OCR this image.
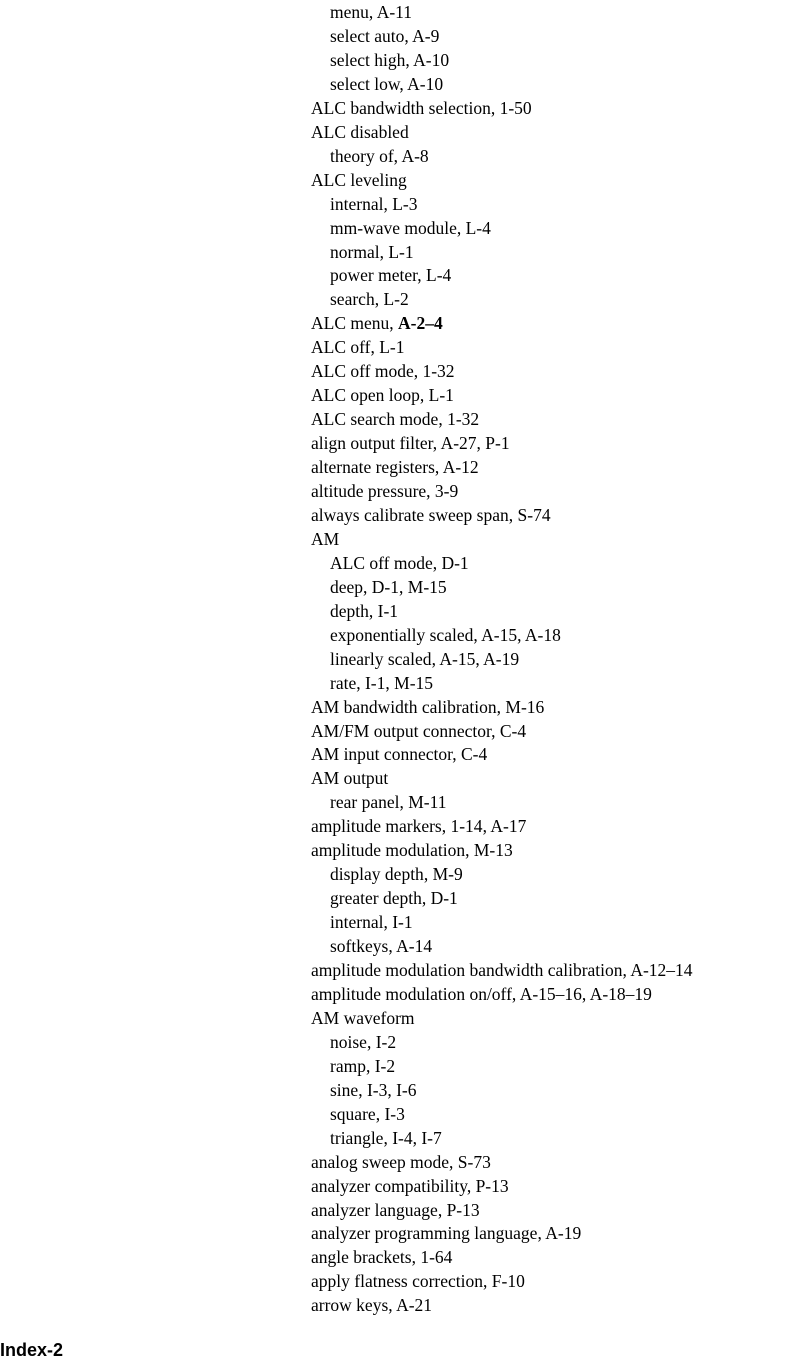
menu, A-11
select auto, A-9
select high, A-10
select low, A-10
ALC bandwidth selection, 1-50
ALC disabled
theory of, A-8
ALC leveling
internal, L-3
mm-wave module, L-4
normal, L-1
power meter, L-4
search, L-2
ALC menu, A-2–4
ALC off, L-1
ALC off mode, 1-32
ALC open loop, L-1
ALC search mode, 1-32
align output filter, A-27, P-1
alternate registers, A-12
altitude pressure, 3-9
always calibrate sweep span, S-74
AM
ALC off mode, D-1
deep, D-1, M-15
depth, I-1
exponentially scaled, A-15, A-18
linearly scaled, A-15, A-19
rate, I-1, M-15
AM bandwidth calibration, M-16
AM/FM output connector, C-4
AM input connector, C-4
AM output
rear panel, M-11
amplitude markers, 1-14, A-17
amplitude modulation, M-13
display depth, M-9
greater depth, D-1
internal, I-1
softkeys, A-14
amplitude modulation bandwidth calibration, A-12–14
amplitude modulation on/off, A-15–16, A-18–19
AM waveform
noise, I-2
ramp, I-2
sine, I-3, I-6
square, I-3
triangle, I-4, I-7
analog sweep mode, S-73
analyzer compatibility, P-13
analyzer language, P-13
analyzer programming language, A-19
angle brackets, 1-64
apply flatness correction, F-10
arrow keys, A-21
Index-2
